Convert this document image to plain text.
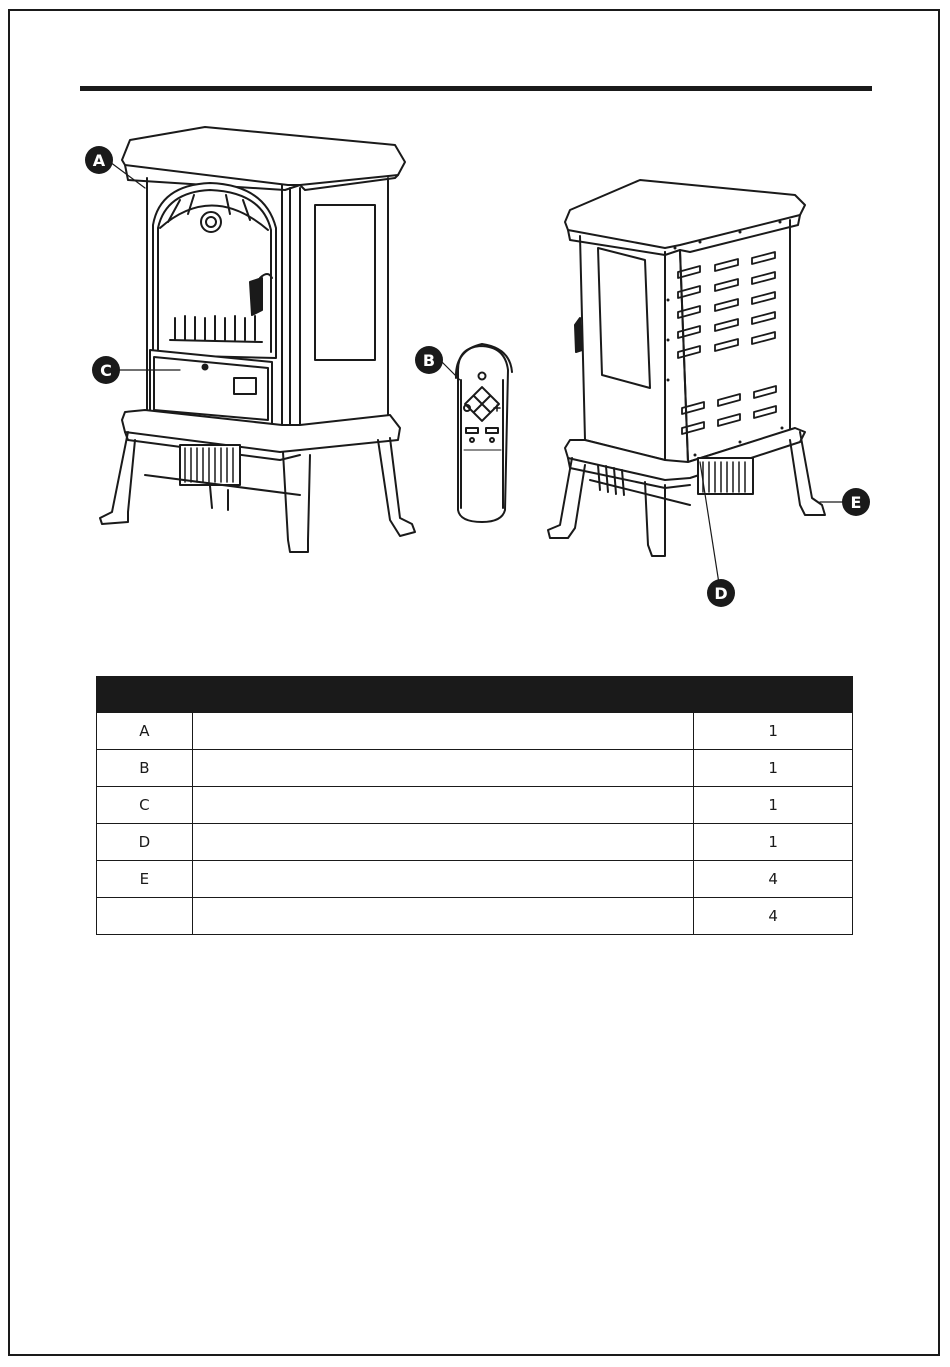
A
B
C
D
E

A		1
B		1
C		1
D		1
E		4
		4
